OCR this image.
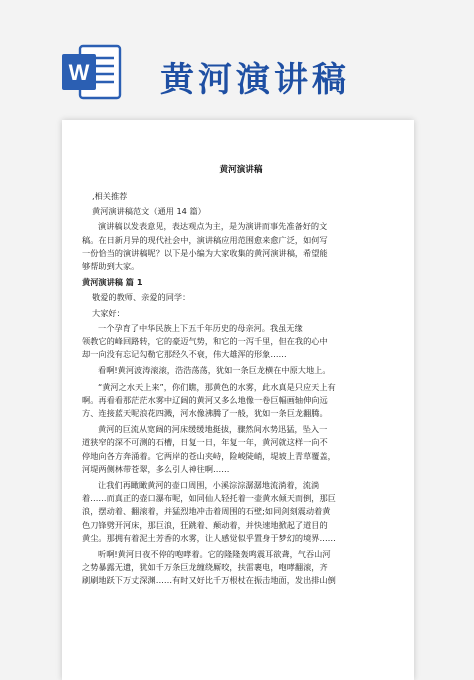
W 黄河演讲稿
黄河演讲稿
,相关推荐
黄河演讲稿范文（通用 14 篇）
演讲稿以发表意见，表达观点为主，是为演讲而事先准备好的文
稿。在日新月异的现代社会中，演讲稿应用范围愈来愈广泛，如何写
一份恰当的演讲稿呢？以下是小编为大家收集的黄河演讲稿，希望能
够帮助到大家。
黄河演讲稿 篇 1
敬爱的教师、亲爱的同学：
大家好：
一个孕育了中华民族上下五千年历史的母亲河。我虽无缘
领教它的峰回路转，它的豪迈气势，和它的一泻千里，但在我的心中
却一向没有忘记勾勒它那经久不衰，伟大雄浑的形象……
看啊!黄河波涛滚滚，浩浩荡荡，犹如一条巨龙横在中原大地上。
“黄河之水天上来”，你们瞧，那黄色的水雾，此水真是只应天上有
啊。再看看那茫茫水雾中辽阔的黄河又多么地像一卷巨幅画轴伸向远
方、连接蓝天呢浪花四溅，河水像沸腾了一般，犹如一条巨龙翻腾。
黄河的巨流从宽阔的河床缓缓地挺拔，骤然间水势迅猛，坠入一
道狭窄的深不可测的石槽，日复一日，年复一年，黄河就这样一向不
停地向各方奔涌着。它两岸的苍山夹峙，险峻陡峭，堤坡上青草覆盖，
河堤两侧林带苍翠，多么引人神往啊……
让我们再瞰瞰黄河的壶口周围，小溪淙淙潺潺地流淌着，流淌
着……而真正的壶口瀑布呢，如同仙人轻托着一壶黄水倾天而倒，那巨
浪，摆动着、翻滚着，并猛烈地冲击着周围的石壁;如同剑刻震动着黄
色刀锋劈开河床，那巨浪，狂跳着、颠动着，并快速地掀起了道目的
黄尘。那拥有着泥土芳香的水雾，让人感觉似乎置身于梦幻的境界……
听啊!黄河日夜不停的咆哮着。它的隆隆轰鸣震耳欲聋，气吞山河
之势暴露无遗，犹如千万条巨龙缠绕厮咬，扶雷裹电，咆哮翻滚，齐
刷刷地跃下万丈深渊……有时又好比千万根杖在振击地面，发出排山倒
